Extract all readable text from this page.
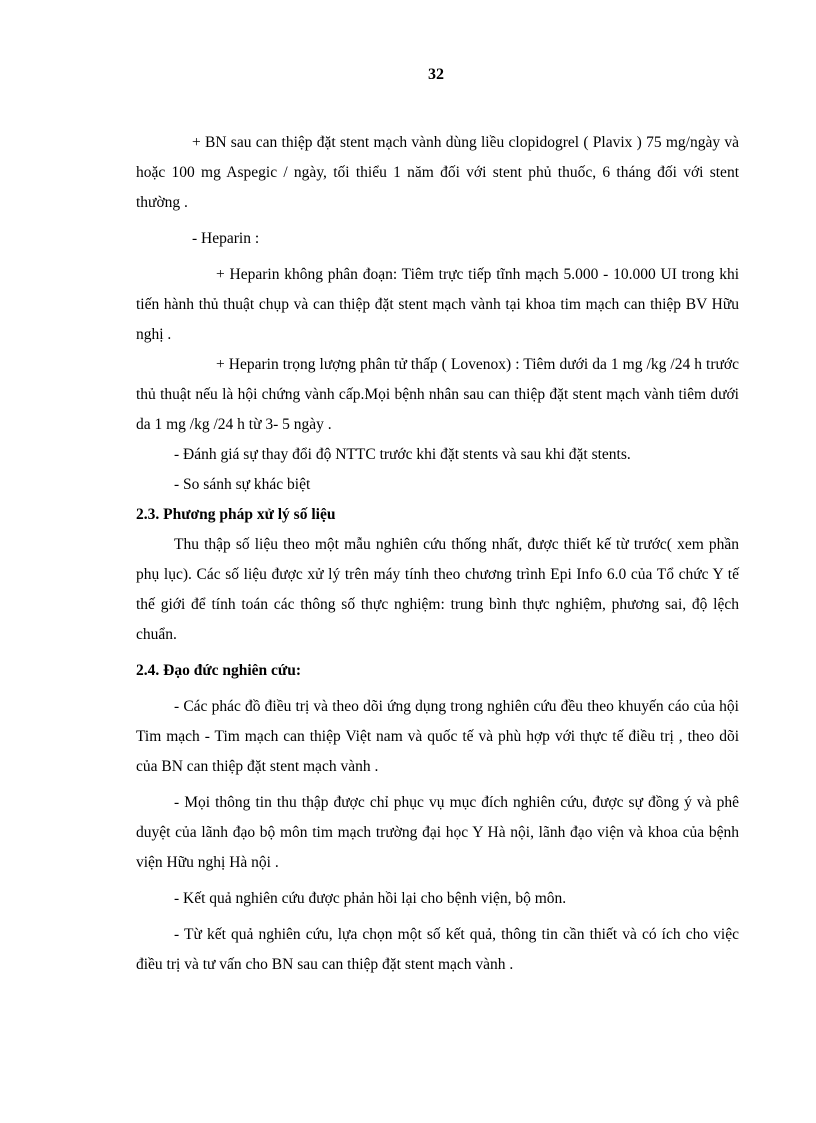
32

+ BN sau can thiệp đặt stent mạch vành dùng liều clopidogrel ( Plavix ) 75 mg/ngày và hoặc 100 mg Aspegic / ngày, tối thiểu 1 năm đối với stent phủ thuốc, 6 tháng đối với stent thường .

- Heparin :

+ Heparin không phân đoạn: Tiêm trực tiếp tĩnh mạch 5.000 - 10.000 UI trong khi tiến hành thủ thuật chụp và can thiệp đặt stent mạch vành tại khoa tim mạch can thiệp BV Hữu nghị .

+ Heparin trọng lượng phân tử thấp ( Lovenox) : Tiêm dưới da 1 mg /kg /24 h trước thủ thuật nếu là hội chứng vành cấp.Mọi bệnh nhân sau can thiệp đặt stent mạch vành tiêm dưới da 1 mg /kg /24 h từ 3- 5 ngày .

- Đánh giá sự thay đổi độ NTTC trước khi đặt stents và sau khi đặt stents.

- So sánh sự khác biệt

2.3. Phương pháp xử lý số liệu

Thu thập số liệu theo một mẫu nghiên cứu thống nhất, được thiết kế từ trước( xem phần phụ lục). Các số liệu được xử lý trên máy tính theo chương trình Epi Info 6.0 của Tổ chức Y tế thế giới để tính toán các thông số thực nghiệm: trung bình thực nghiệm, phương sai, độ lệch chuẩn.

2.4. Đạo đức nghiên cứu:

- Các phác đồ điều trị và theo dõi ứng dụng trong nghiên cứu đều theo khuyến cáo của hội Tim mạch - Tim mạch can thiệp Việt nam và quốc tế và phù hợp với thực tế điều trị , theo dõi của BN can thiệp đặt stent mạch vành .

- Mọi thông tin thu thập được chỉ phục vụ mục đích nghiên cứu, được sự đồng ý và phê duyệt của lãnh đạo bộ môn tim mạch trường đại học Y Hà nội, lãnh đạo viện và khoa của bệnh viện Hữu nghị Hà nội .

- Kết quả nghiên cứu được phản hồi lại cho bệnh viện, bộ môn.

- Từ kết quả nghiên cứu, lựa chọn một số kết quả, thông tin cần thiết và có ích cho việc điều trị và tư vấn cho BN sau can thiệp đặt stent mạch vành .
